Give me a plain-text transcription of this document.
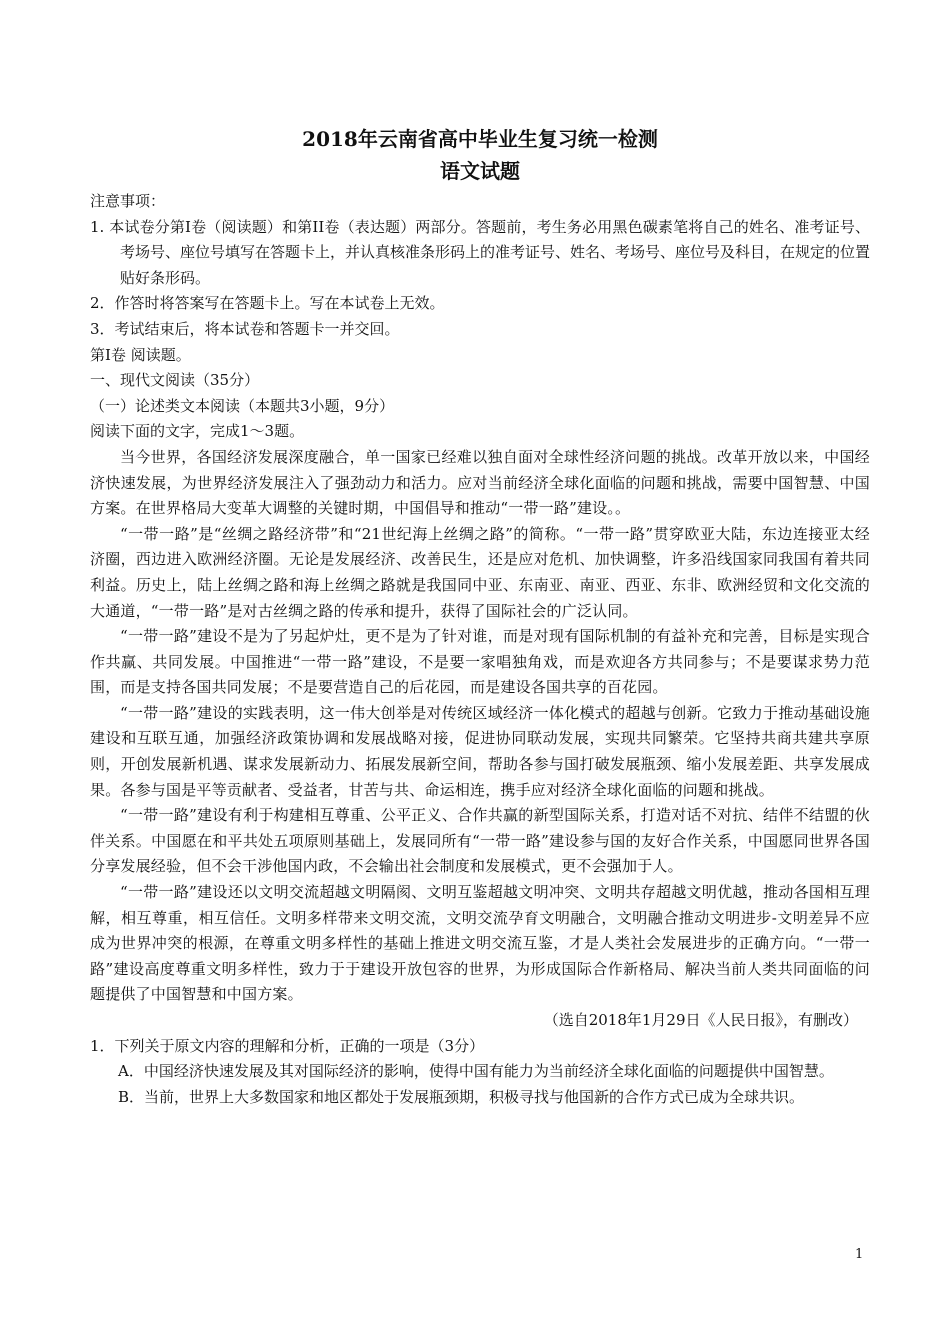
2018年云南省高中毕业生复习统一检测

语文试题

注意事项：

1. 本试卷分第I卷（阅读题）和第II卷（表达题）两部分。答题前，考生务必用黑色碳素笔将自己的姓名、准考证号、考场号、座位号填写在答题卡上，并认真核准条形码上的准考证号、姓名、考场号、座位号及科目，在规定的位置贴好条形码。

2．作答时将答案写在答题卡上。写在本试卷上无效。

3．考试结束后，将本试卷和答题卡一并交回。

第I卷 阅读题。

一、现代文阅读（35分）

（一）论述类文本阅读（本题共3小题，9分）

阅读下面的文字，完成1～3题。

当今世界，各国经济发展深度融合，单一国家已经难以独自面对全球性经济问题的挑战。改革开放以来，中国经济快速发展，为世界经济发展注入了强劲动力和活力。应对当前经济全球化面临的问题和挑战，需要中国智慧、中国方案。在世界格局大变革大调整的关键时期，中国倡导和推动“一带一路”建设。。

“一带一路”是“丝绸之路经济带”和“21世纪海上丝绸之路”的简称。“一带一路”贯穿欧亚大陆，东边连接亚太经济圈，西边进入欧洲经济圈。无论是发展经济、改善民生，还是应对危机、加快调整，许多沿线国家同我国有着共同利益。历史上，陆上丝绸之路和海上丝绸之路就是我国同中亚、东南亚、南亚、西亚、东非、欧洲经贸和文化交流的大通道，“一带一路”是对古丝绸之路的传承和提升，获得了国际社会的广泛认同。

“一带一路”建设不是为了另起炉灶，更不是为了针对谁，而是对现有国际机制的有益补充和完善，目标是实现合作共赢、共同发展。中国推进“一带一路”建设，不是要一家唱独角戏，而是欢迎各方共同参与；不是要谋求势力范围，而是支持各国共同发展；不是要营造自己的后花园，而是建设各国共享的百花园。

“一带一路”建设的实践表明，这一伟大创举是对传统区域经济一体化模式的超越与创新。它致力于推动基础设施建设和互联互通，加强经济政策协调和发展战略对接，促进协同联动发展，实现共同繁荣。它坚持共商共建共享原则，开创发展新机遇、谋求发展新动力、拓展发展新空间，帮助各参与国打破发展瓶颈、缩小发展差距、共享发展成果。各参与国是平等贡献者、受益者，甘苦与共、命运相连，携手应对经济全球化面临的问题和挑战。

“一带一路”建设有利于构建相互尊重、公平正义、合作共赢的新型国际关系，打造对话不对抗、结伴不结盟的伙伴关系。中国愿在和平共处五项原则基础上，发展同所有“一带一路”建设参与国的友好合作关系，中国愿同世界各国分享发展经验，但不会干涉他国内政，不会输出社会制度和发展模式，更不会强加于人。

“一带一路”建设还以文明交流超越文明隔阂、文明互鉴超越文明冲突、文明共存超越文明优越，推动各国相互理解，相互尊重，相互信任。文明多样带来文明交流，文明交流孕育文明融合，文明融合推动文明进步-文明差异不应成为世界冲突的根源，在尊重文明多样性的基础上推进文明交流互鉴，才是人类社会发展进步的正确方向。“一带一路”建设高度尊重文明多样性，致力于于建设开放包容的世界，为形成国际合作新格局、解决当前人类共同面临的问题提供了中国智慧和中国方案。

（选自2018年1月29日《人民日报》，有删改）

1．下列关于原文内容的理解和分析，正确的一项是（3分）

A．中国经济快速发展及其对国际经济的影响，使得中国有能力为当前经济全球化面临的问题提供中国智慧。

B．当前，世界上大多数国家和地区都处于发展瓶颈期，积极寻找与他国新的合作方式已成为全球共识。

1
